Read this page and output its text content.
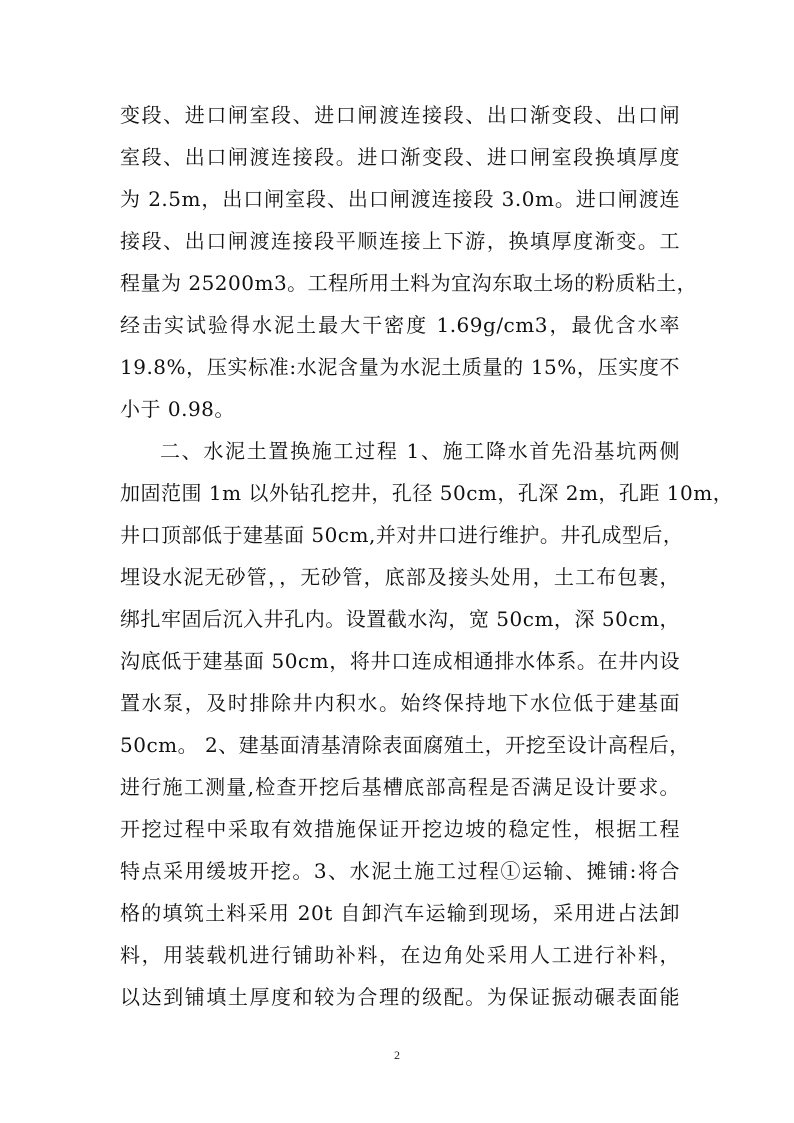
变段、进口闸室段、进口闸渡连接段、出口渐变段、出口闸
室段、出口闸渡连接段。进口渐变段、进口闸室段换填厚度
为 2.5m，出口闸室段、出口闸渡连接段 3.0m。进口闸渡连
接段、出口闸渡连接段平顺连接上下游，换填厚度渐变。工
程量为 25200m3。工程所用土料为宜沟东取土场的粉质粘土，
经击实试验得水泥土最大干密度 1.69g/cm3，最优含水率
19.8%，压实标准:水泥含量为水泥土质量的 15%，压实度不
小于 0.98。
二、水泥土置换施工过程 1、施工降水首先沿基坑两侧
加固范围 1m 以外钻孔挖井，孔径 50cm，孔深 2m，孔距 10m，
井口顶部低于建基面 50cm,并对井口进行维护。井孔成型后，
埋设水泥无砂管，，无砂管，底部及接头处用，土工布包裹，
绑扎牢固后沉入井孔内。设置截水沟，宽 50cm，深 50cm，
沟底低于建基面 50cm，将井口连成相通排水体系。在井内设
置水泵，及时排除井内积水。始终保持地下水位低于建基面
50cm。 2、建基面清基清除表面腐殖土，开挖至设计高程后，
进行施工测量,检查开挖后基槽底部高程是否满足设计要求。
开挖过程中采取有效措施保证开挖边坡的稳定性，根据工程
特点采用缓坡开挖。3、水泥土施工过程①运输、摊铺:将合
格的填筑土料采用 20t 自卸汽车运输到现场，采用进占法卸
料，用装载机进行铺助补料，在边角处采用人工进行补料，
以达到铺填土厚度和较为合理的级配。为保证振动碾表面能
2
